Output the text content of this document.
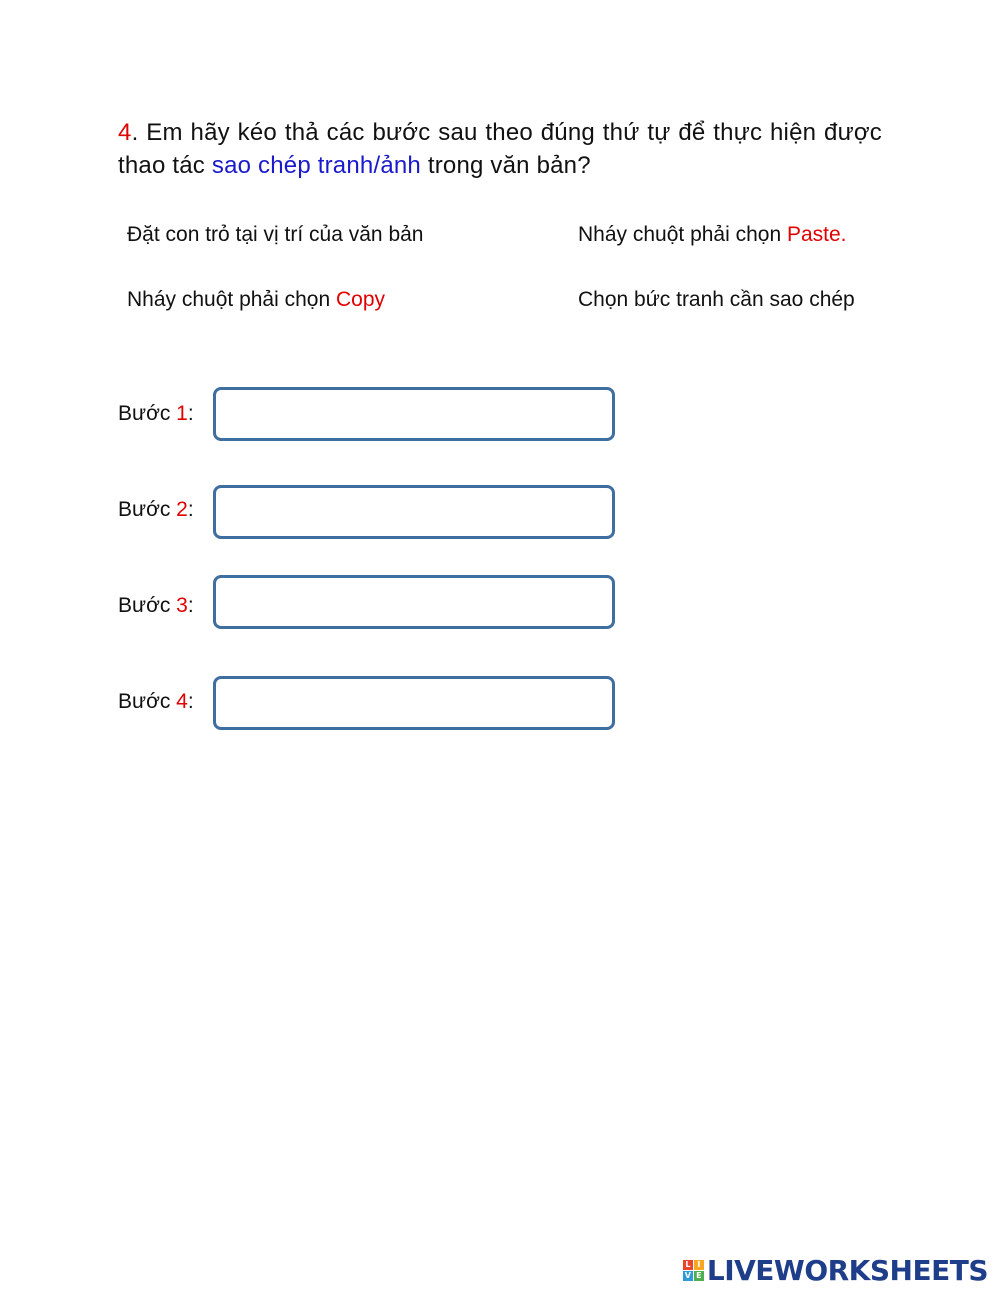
4. Em hãy kéo thả các bước sau theo đúng thứ tự để thực hiện được thao tác sao chép tranh/ảnh trong văn bản?
Đặt con trỏ tại vị trí của văn bản	Nháy chuột phải chọn Paste.
Nháy chuột phải chọn Copy	Chọn bức tranh cần sao chép
Bước 1:
Bước 2:
Bước 3:
Bước 4:
L I
V E LIVEWORKSHEETS
